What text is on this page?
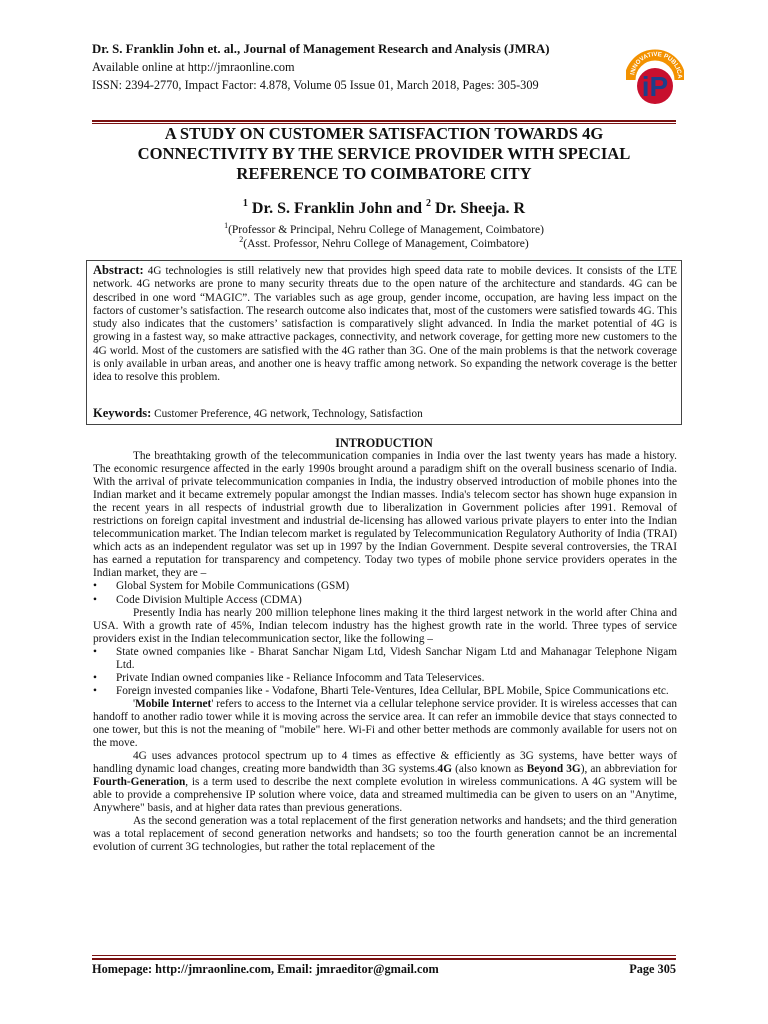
Dr. S. Franklin John et. al., Journal of Management Research and Analysis (JMRA)
Available online at http://jmraonline.com
ISSN: 2394-2770, Impact Factor: 4.878, Volume 05 Issue 01, March 2018, Pages: 305-309
INNOVATIVE PUBLICA
iP
A STUDY ON CUSTOMER SATISFACTION TOWARDS 4G
CONNECTIVITY BY THE SERVICE PROVIDER WITH SPECIAL
REFERENCE TO COIMBATORE CITY
$^1$ Dr. S. Franklin John and $^2$ Dr. Sheeja. R
$^1$(Professor & Principal, Nehru College of Management, Coimbatore)
$^2$(Asst. Professor, Nehru College of Management, Coimbatore)
Abstract: 4G technologies is still relatively new that provides high speed data rate to mobile devices. It consists of the LTE network. 4G networks are prone to many security threats due to the open nature of the architecture and standards. 4G can be described in one word “MAGIC”. The variables such as age group, gender income, occupation, are having less impact on the factors of customer’s satisfaction. The research outcome also indicates that, most of the customers were satisfied towards 4G. This study also indicates that the customers’ satisfaction is comparatively slight advanced. In India the market potential of 4G is growing in a fastest way, so make attractive packages, connectivity, and network coverage, for getting more new customers to the 4G world. Most of the customers are satisfied with the 4G rather than 3G. One of the main problems is that the network coverage is only available in urban areas, and another one is heavy traffic among network. So expanding the network coverage is the better idea to resolve this problem.
Keywords: Customer Preference, 4G network, Technology, Satisfaction
INTRODUCTION

The breathtaking growth of the telecommunication companies in India over the last twenty years has made a history. The economic resurgence affected in the early 1990s brought around a paradigm shift on the overall business scenario of India. With the arrival of private telecommunication companies in India, the industry observed introduction of mobile phones into the Indian market and it became extremely popular amongst the Indian masses. India's telecom sector has shown huge expansion in the recent years in all respects of industrial growth due to liberalization in Government policies after 1991. Removal of restrictions on foreign capital investment and industrial de-licensing has allowed various private players to enter into the Indian telecommunication market. The Indian telecom market is regulated by Telecommunication Regulatory Authority of India (TRAI) which acts as an independent regulator was set up in 1997 by the Indian Government. Despite several controversies, the TRAI has earned a reputation for transparency and competency. Today two types of mobile phone service providers operates in the Indian market, they are –

• Global System for Mobile Communications (GSM)
• Code Division Multiple Access (CDMA)

Presently India has nearly 200 million telephone lines making it the third largest network in the world after China and USA. With a growth rate of 45%, Indian telecom industry has the highest growth rate in the world. Three types of service providers exist in the Indian telecommunication sector, like the following –

• State owned companies like - Bharat Sanchar Nigam Ltd, Videsh Sanchar Nigam Ltd and Mahanagar Telephone Nigam Ltd.
• Private Indian owned companies like - Reliance Infocomm and Tata Teleservices.
• Foreign invested companies like - Vodafone, Bharti Tele-Ventures, Idea Cellular, BPL Mobile, Spice Communications etc.

'Mobile Internet' refers to access to the Internet via a cellular telephone service provider. It is wireless accesses that can handoff to another radio tower while it is moving across the service area. It can refer an immobile device that stays connected to one tower, but this is not the meaning of "mobile" here. Wi-Fi and other better methods are commonly available for users not on the move.

4G uses advances protocol spectrum up to 4 times as effective & efficiently as 3G systems, have better ways of handling dynamic load changes, creating more bandwidth than 3G systems.4G (also known as Beyond 3G), an abbreviation for Fourth-Generation, is a term used to describe the next complete evolution in wireless communications. A 4G system will be able to provide a comprehensive IP solution where voice, data and streamed multimedia can be given to users on an "Anytime, Anywhere" basis, and at higher data rates than previous generations.

As the second generation was a total replacement of the first generation networks and handsets; and the third generation was a total replacement of second generation networks and handsets; so too the fourth generation cannot be an incremental evolution of current 3G technologies, but rather the total replacement of the

Homepage: http://jmraonline.com, Email: jmraeditor@gmail.com	Page 305
